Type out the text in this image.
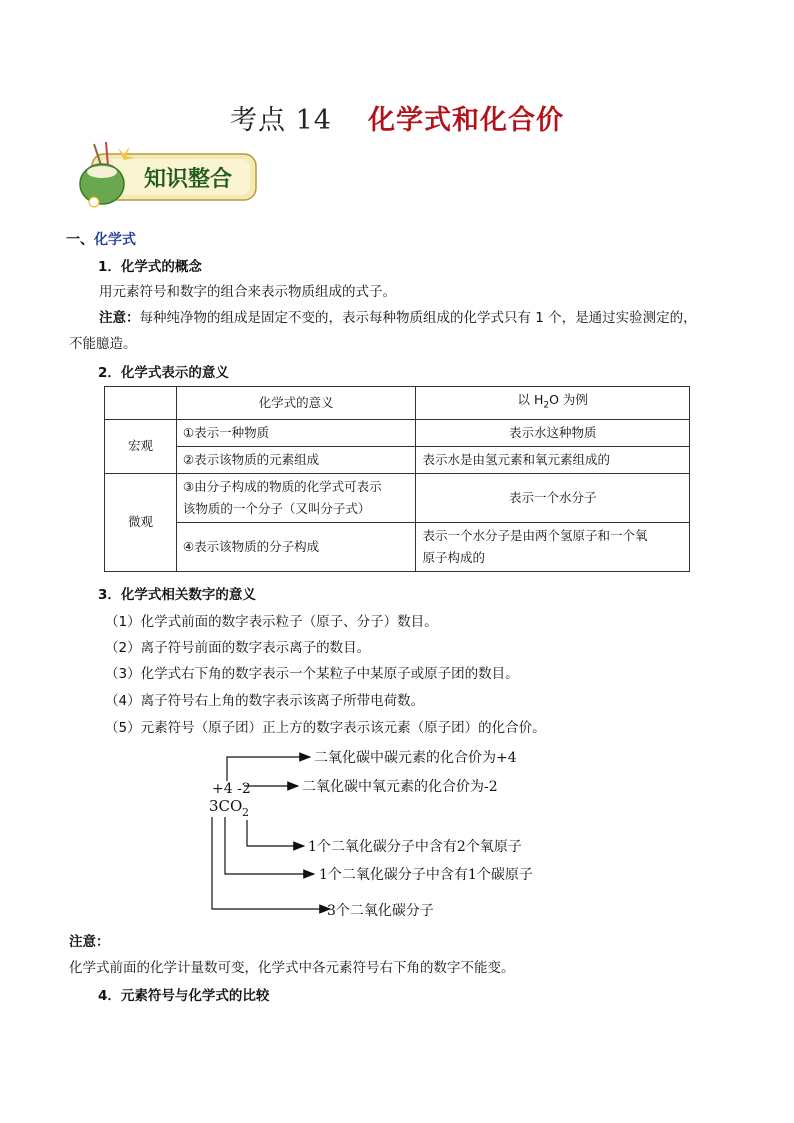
考点 14 化学式和化合价
知识整合
一、化学式
1．化学式的概念
用元素符号和数字的组合来表示物质组成的式子。
注意：每种纯净物的组成是固定不变的，表示每种物质组成的化学式只有 1 个，是通过实验测定的，
不能臆造。
2．化学式表示的意义
	化学式的意义	以 $H_2O$ 为例
宏观	①表示一种物质	表示水这种物质
	②表示该物质的元素组成	表示水是由氢元素和氧元素组成的
微观	③由分子构成的物质的化学式可表示
该物质的一个分子（又叫分子式）	表示一个水分子
	④表示该物质的分子构成	表示一个水分子是由两个氢原子和一个氧
原子构成的
3．化学式相关数字的意义
（1）化学式前面的数字表示粒子（原子、分子）数目。
（2）离子符号前面的数字表示离子的数目。
（3）化学式右下角的数字表示一个某粒子中某原子或原子团的数目。
（4）离子符号右上角的数字表示该离子所带电荷数。
（5）元素符号（原子团）正上方的数字表示该元素（原子团）的化合价。
+4 -2
3CO 2
二氧化碳中碳元素的化合价为+4
二氧化碳中氧元素的化合价为-2
1个二氧化碳分子中含有2个氧原子
1个二氧化碳分子中含有1个碳原子
3个二氧化碳分子
注意：
化学式前面的化学计量数可变，化学式中各元素符号右下角的数字不能变。
4．元素符号与化学式的比较
